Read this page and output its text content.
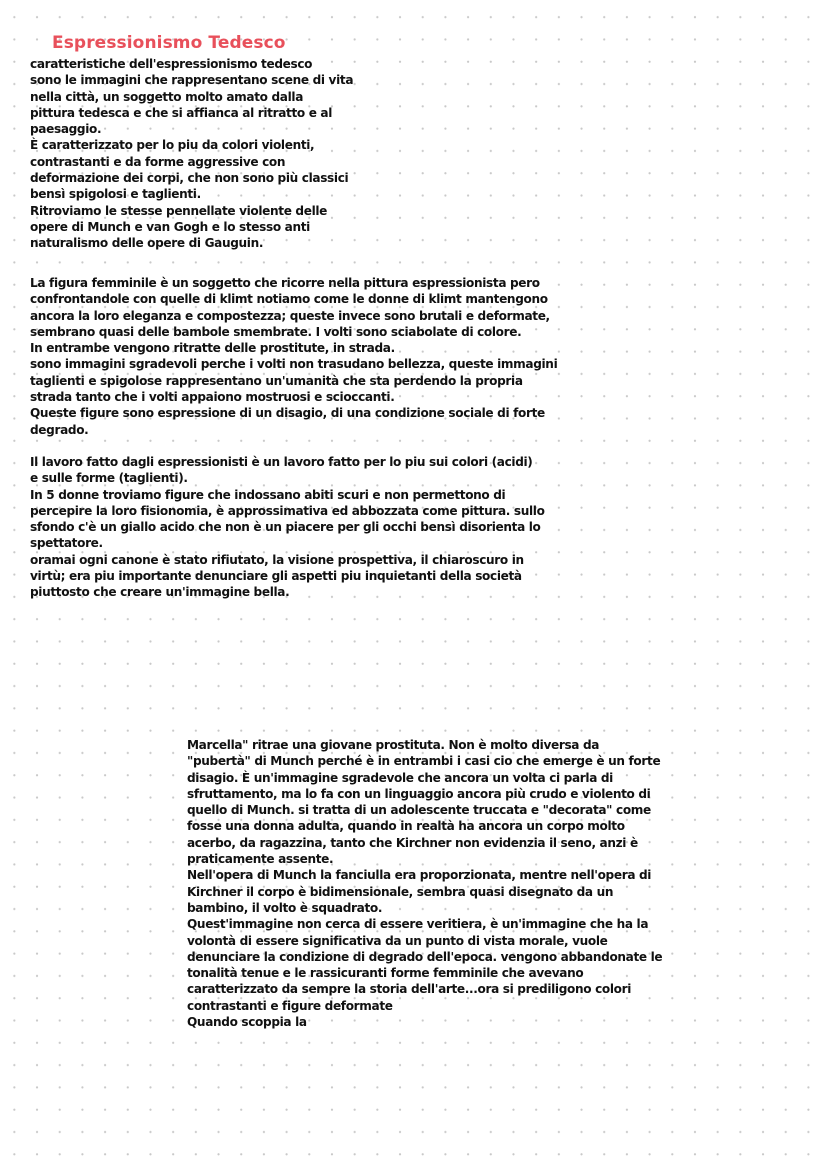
Espressionismo Tedesco
caratteristiche dell'espressionismo tedesco
sono le immagini che rappresentano scene di vita
nella città, un soggetto molto amato dalla
pittura tedesca e che si affianca al ritratto e al
paesaggio.
È caratterizzato per lo piu da colori violenti,
contrastanti e da forme aggressive con
deformazione dei corpi, che non sono più classici
bensì spigolosi e taglienti.
Ritroviamo le stesse pennellate violente delle
opere di Munch e van Gogh e lo stesso anti
naturalismo delle opere di Gauguin.
La figura femminile è un soggetto che ricorre nella pittura espressionista pero
confrontandole con quelle di klimt notiamo come le donne di klimt mantengono
ancora la loro eleganza e compostezza; queste invece sono brutali e deformate,
sembrano quasi delle bambole smembrate. I volti sono sciabolate di colore.
In entrambe vengono ritratte delle prostitute, in strada.
sono immagini sgradevoli perche i volti non trasudano bellezza, queste immagini
taglienti e spigolose rappresentano un'umanità che sta perdendo la propria
strada tanto che i volti appaiono mostruosi e scioccanti.
Queste figure sono espressione di un disagio, di una condizione sociale di forte
degrado.
Il lavoro fatto dagli espressionisti è un lavoro fatto per lo piu sui colori (acidi)
e sulle forme (taglienti).
In 5 donne troviamo figure che indossano abiti scuri e non permettono di
percepire la loro fisionomia, è approssimativa ed abbozzata come pittura. sullo
sfondo c'è un giallo acido che non è un piacere per gli occhi bensì disorienta lo
spettatore.
oramai ogni canone è stato rifiutato, la visione prospettiva, il chiaroscuro in
virtù; era piu importante denunciare gli aspetti piu inquietanti della società
piuttosto che creare un'immagine bella.
Marcella" ritrae una giovane prostituta. Non è molto diversa da
"pubertà" di Munch perché è in entrambi i casi cio che emerge è un forte
disagio. È un'immagine sgradevole che ancora un volta ci parla di
sfruttamento, ma lo fa con un linguaggio ancora più crudo e violento di
quello di Munch. si tratta di un adolescente truccata e "decorata" come
fosse una donna adulta, quando in realtà ha ancora un corpo molto
acerbo, da ragazzina, tanto che Kirchner non evidenzia il seno, anzi è
praticamente assente.
Nell'opera di Munch la fanciulla era proporzionata, mentre nell'opera di
Kirchner il corpo è bidimensionale, sembra quasi disegnato da un
bambino, il volto è squadrato.
Quest'immagine non cerca di essere veritiera, è un'immagine che ha la
volontà di essere significativa da un punto di vista morale, vuole
denunciare la condizione di degrado dell'epoca. vengono abbandonate le
tonalità tenue e le rassicuranti forme femminile che avevano
caratterizzato da sempre la storia dell'arte...ora si prediligono colori
contrastanti e figure deformate
Quando scoppia la
